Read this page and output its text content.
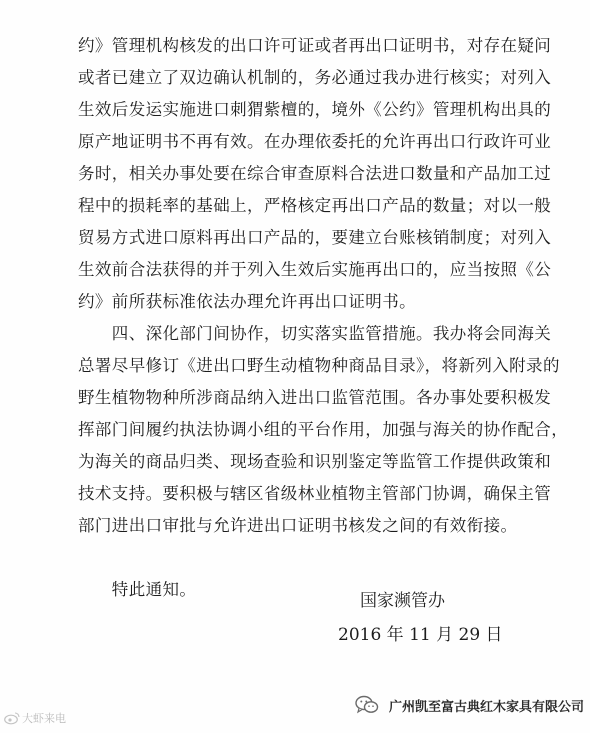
约》管理机构核发的出口许可证或者再出口证明书，对存在疑问
或者已建立了双边确认机制的，务必通过我办进行核实；对列入
生效后发运实施进口刺猬紫檀的，境外《公约》管理机构出具的
原产地证明书不再有效。在办理依委托的允许再出口行政许可业
务时，相关办事处要在综合审查原料合法进口数量和产品加工过
程中的损耗率的基础上，严格核定再出口产品的数量；对以一般
贸易方式进口原料再出口产品的，要建立台账核销制度；对列入
生效前合法获得的并于列入生效后实施再出口的，应当按照《公
约》前所获标准依法办理允许再出口证明书。
　　四、深化部门间协作，切实落实监管措施。我办将会同海关
总署尽早修订《进出口野生动植物种商品目录》，将新列入附录的
野生植物物种所涉商品纳入进出口监管范围。各办事处要积极发
挥部门间履约执法协调小组的平台作用，加强与海关的协作配合，
为海关的商品归类、现场查验和识别鉴定等监管工作提供政策和
技术支持。要积极与辖区省级林业植物主管部门协调，确保主管
部门进出口审批与允许进出口证明书核发之间的有效衔接。
　　特此通知。
国家濒管办
2016 年 11 月 29 日
大虾来电
广州凯至富古典红木家具有限公司
